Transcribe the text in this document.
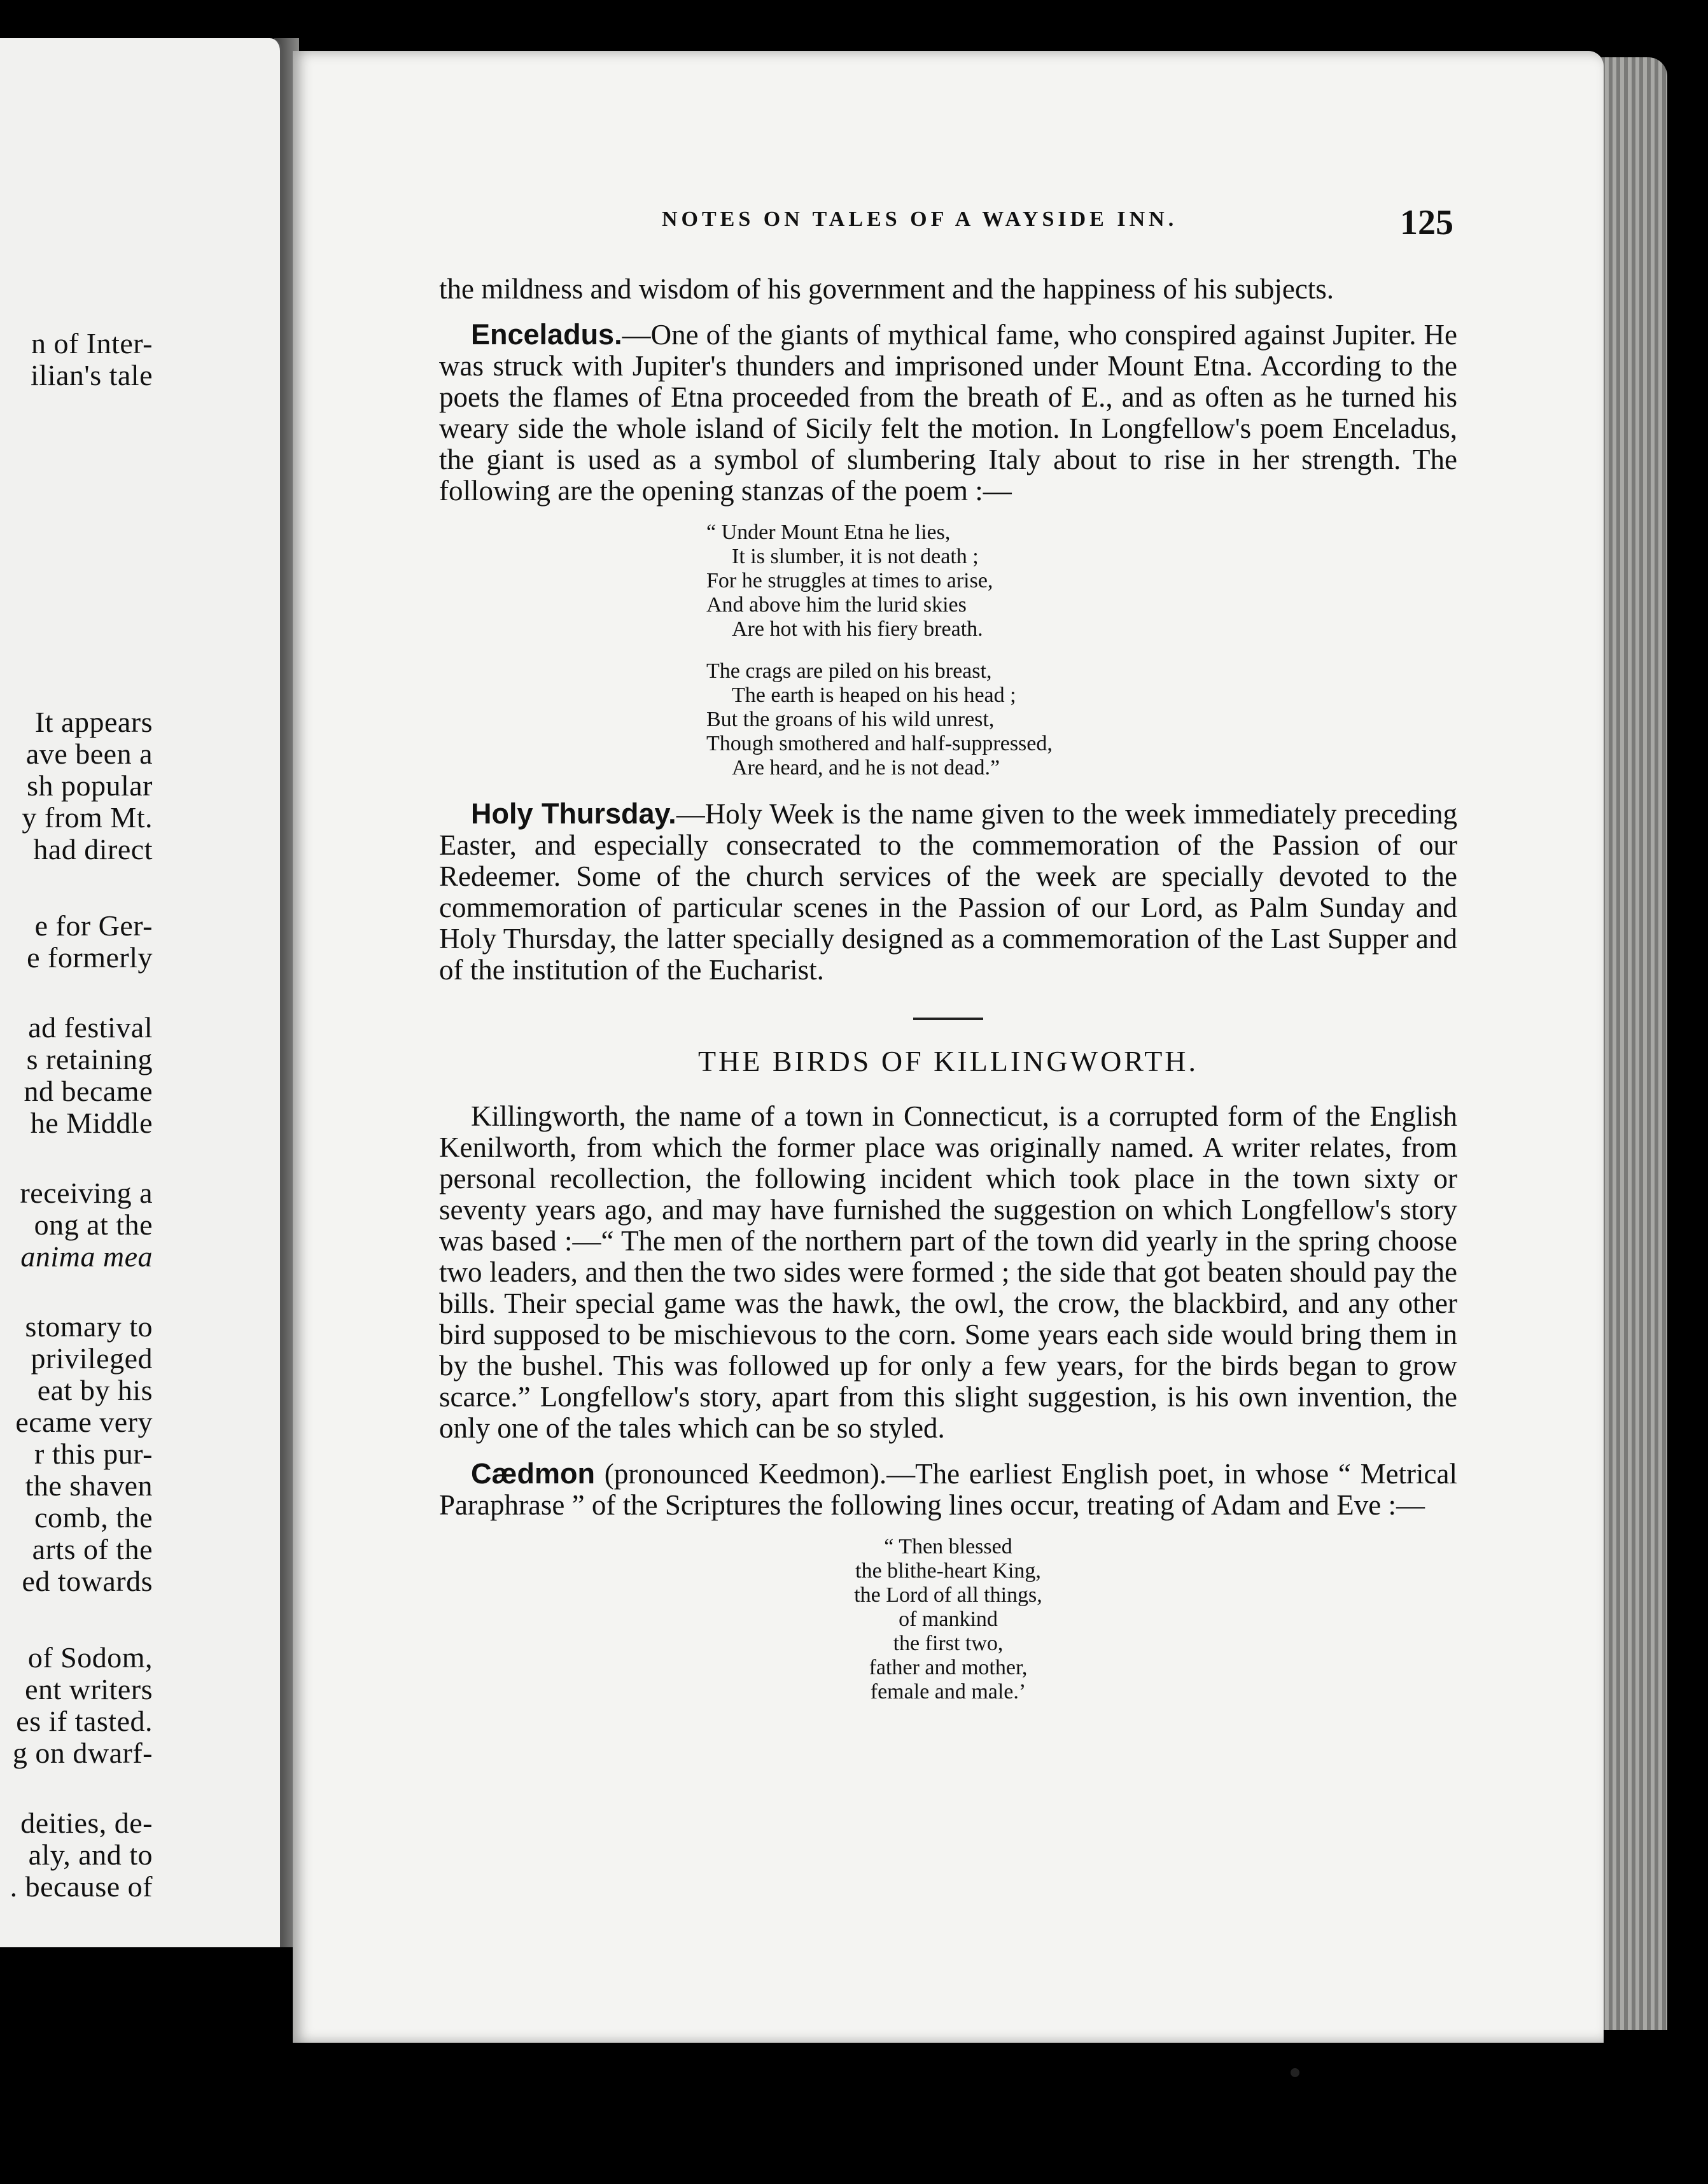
n of Inter-
ilian's tale
It appears
ave been a
sh popular
y from Mt.
had direct
e for Ger-
e formerly
ad festival
s retaining
nd became
he Middle
receiving a
ong at the
anima mea
stomary to
privileged
eat by his
ecame very
r this pur-
the shaven
comb, the
arts of the
ed towards
of Sodom,
ent writers
es if tasted.
g on dwarf-
deities, de-
aly, and to
. because of
NOTES ON TALES OF A WAYSIDE INN.	125

the mildness and wisdom of his government and the happiness of his subjects.

Enceladus.—One of the giants of mythical fame, who conspired against Jupiter. He was struck with Jupiter's thunders and imprisoned under Mount Etna. According to the poets the flames of Etna proceeded from the breath of E., and as often as he turned his weary side the whole island of Sicily felt the motion. In Longfellow's poem Enceladus, the giant is used as a symbol of slumbering Italy about to rise in her strength. The following are the opening stanzas of the poem :—

“ Under Mount Etna he lies,
It is slumber, it is not death ;
For he struggles at times to arise,
And above him the lurid skies
Are hot with his fiery breath.
The crags are piled on his breast,
The earth is heaped on his head ;
But the groans of his wild unrest,
Though smothered and half-suppressed,
Are heard, and he is not dead.”

Holy Thursday.—Holy Week is the name given to the week immediately preceding Easter, and especially consecrated to the commemoration of the Passion of our Redeemer. Some of the church services of the week are specially devoted to the commemoration of particular scenes in the Passion of our Lord, as Palm Sunday and Holy Thursday, the latter specially designed as a commemoration of the Last Supper and of the institution of the Eucharist.

THE BIRDS OF KILLINGWORTH.

Killingworth, the name of a town in Connecticut, is a corrupted form of the English Kenilworth, from which the former place was originally named. A writer relates, from personal recollection, the following incident which took place in the town sixty or seventy years ago, and may have furnished the suggestion on which Longfellow's story was based :—“ The men of the northern part of the town did yearly in the spring choose two leaders, and then the two sides were formed ; the side that got beaten should pay the bills. Their special game was the hawk, the owl, the crow, the blackbird, and any other bird supposed to be mischievous to the corn. Some years each side would bring them in by the bushel. This was followed up for only a few years, for the birds began to grow scarce.” Longfellow's story, apart from this slight suggestion, is his own invention, the only one of the tales which can be so styled.

Cædmon (pronounced Keedmon).—The earliest English poet, in whose “ Metrical Paraphrase ” of the Scriptures the following lines occur, treating of Adam and Eve :—

“ Then blessed
the blithe-heart King,
the Lord of all things,
of mankind
the first two,
father and mother,
female and male.’
